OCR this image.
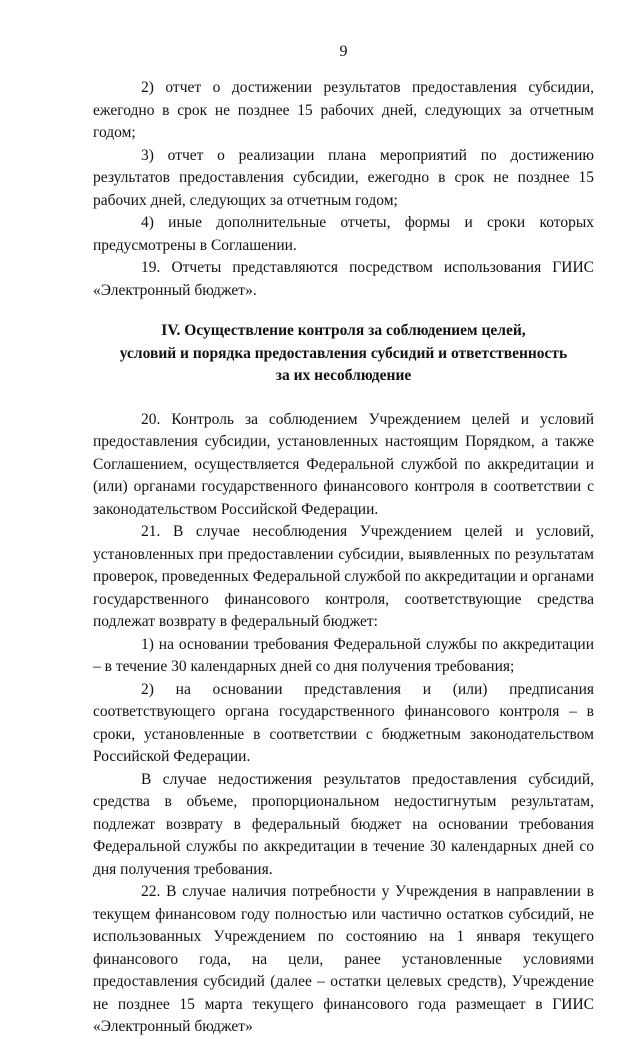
9

2) отчет о достижении результатов предоставления субсидии, ежегодно в срок не позднее 15 рабочих дней, следующих за отчетным годом;

3) отчет о реализации плана мероприятий по достижению результатов предоставления субсидии, ежегодно в срок не позднее 15 рабочих дней, следующих за отчетным годом;

4) иные дополнительные отчеты, формы и сроки которых предусмотрены в Соглашении.

19. Отчеты представляются посредством использования ГИИС «Электронный бюджет».

IV. Осуществление контроля за соблюдением целей,
условий и порядка предоставления субсидий и ответственность
за их несоблюдение

20. Контроль за соблюдением Учреждением целей и условий предоставления субсидии, установленных настоящим Порядком, а также Соглашением, осуществляется Федеральной службой по аккредитации и (или) органами государственного финансового контроля в соответствии с законодательством Российской Федерации.

21. В случае несоблюдения Учреждением целей и условий, установленных при предоставлении субсидии, выявленных по результатам проверок, проведенных Федеральной службой по аккредитации и органами государственного финансового контроля, соответствующие средства подлежат возврату в федеральный бюджет:

1) на основании требования Федеральной службы по аккредитации – в течение 30 календарных дней со дня получения требования;

2) на основании представления и (или) предписания соответствующего органа государственного финансового контроля – в сроки, установленные в соответствии с бюджетным законодательством Российской Федерации.

В случае недостижения результатов предоставления субсидий, средства в объеме, пропорциональном недостигнутым результатам, подлежат возврату в федеральный бюджет на основании требования Федеральной службы по аккредитации в течение 30 календарных дней со дня получения требования.

22. В случае наличия потребности у Учреждения в направлении в текущем финансовом году полностью или частично остатков субсидий, не использованных Учреждением по состоянию на 1 января текущего финансового года, на цели, ранее установленные условиями предоставления субсидий (далее – остатки целевых средств), Учреждение не позднее 15 марта текущего финансового года размещает в ГИИС «Электронный бюджет»
